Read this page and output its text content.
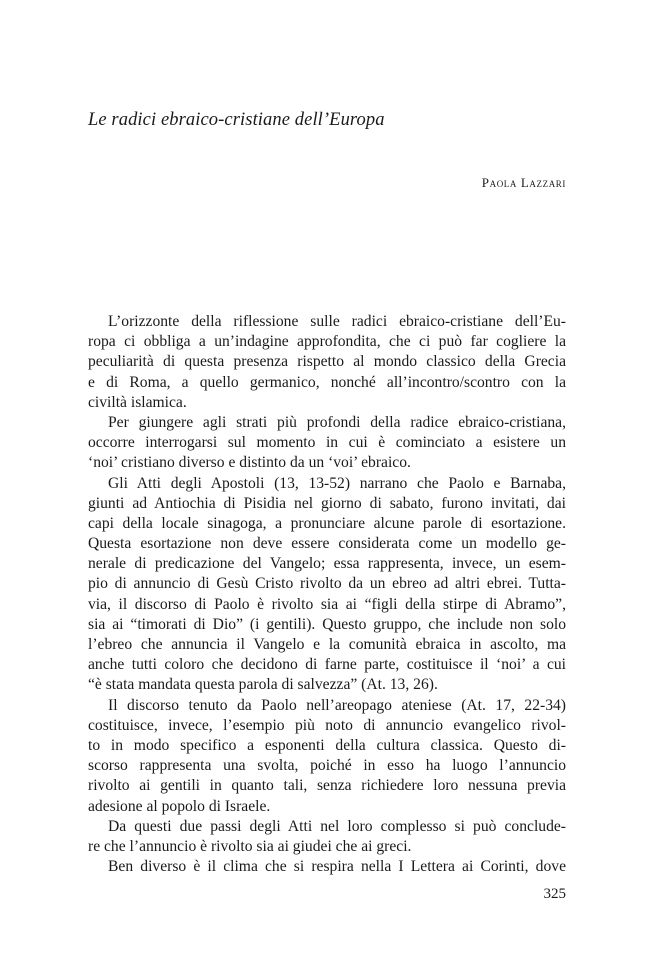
Le radici ebraico-cristiane dell’Europa
Paola Lazzari
L’orizzonte della riflessione sulle radici ebraico-cristiane dell’Eu-
ropa ci obbliga a un’indagine approfondita, che ci può far cogliere la
peculiarità di questa presenza rispetto al mondo classico della Grecia
e di Roma, a quello germanico, nonché all’incontro/scontro con la
civiltà islamica.
Per giungere agli strati più profondi della radice ebraico-cristiana,
occorre interrogarsi sul momento in cui è cominciato a esistere un
‘noi’ cristiano diverso e distinto da un ‘voi’ ebraico.
Gli Atti degli Apostoli (13, 13-52) narrano che Paolo e Barnaba,
giunti ad Antiochia di Pisidia nel giorno di sabato, furono invitati, dai
capi della locale sinagoga, a pronunciare alcune parole di esortazione.
Questa esortazione non deve essere considerata come un modello ge-
nerale di predicazione del Vangelo; essa rappresenta, invece, un esem-
pio di annuncio di Gesù Cristo rivolto da un ebreo ad altri ebrei. Tutta-
via, il discorso di Paolo è rivolto sia ai “figli della stirpe di Abramo”,
sia ai “timorati di Dio” (i gentili). Questo gruppo, che include non solo
l’ebreo che annuncia il Vangelo e la comunità ebraica in ascolto, ma
anche tutti coloro che decidono di farne parte, costituisce il ‘noi’ a cui
“è stata mandata questa parola di salvezza” (At. 13, 26).
Il discorso tenuto da Paolo nell’areopago ateniese (At. 17, 22-34)
costituisce, invece, l’esempio più noto di annuncio evangelico rivol-
to in modo specifico a esponenti della cultura classica. Questo di-
scorso rappresenta una svolta, poiché in esso ha luogo l’annuncio
rivolto ai gentili in quanto tali, senza richiedere loro nessuna previa
adesione al popolo di Israele.
Da questi due passi degli Atti nel loro complesso si può conclude-
re che l’annuncio è rivolto sia ai giudei che ai greci.
Ben diverso è il clima che si respira nella I Lettera ai Corinti, dove
325
